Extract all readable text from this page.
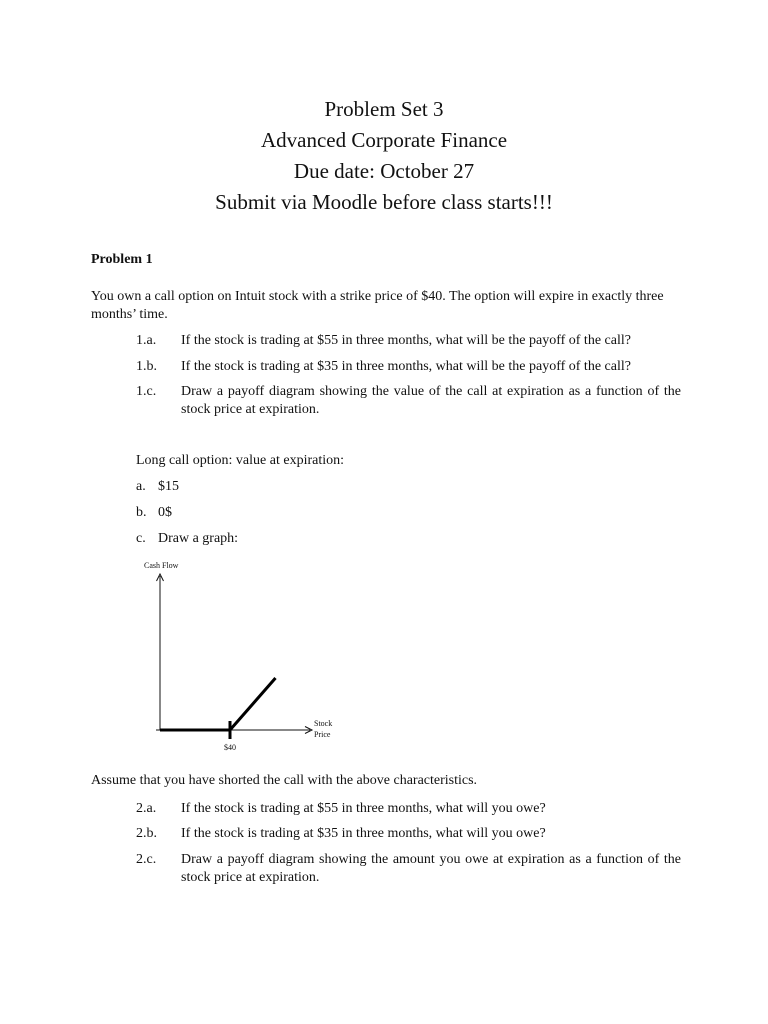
Problem Set 3
Advanced Corporate Finance
Due date: October 27
Submit via Moodle before class starts!!!
Problem 1

You own a call option on Intuit stock with a strike price of $40. The option will expire in exactly three months’ time.

1.a.	If the stock is trading at $55 in three months, what will be the payoff of the call?
1.b.	If the stock is trading at $35 in three months, what will be the payoff of the call?
1.c.	Draw a payoff diagram showing the value of the call at expiration as a function of the stock price at expiration.
Long call option: value at expiration:
a. $15
b. 0$
c. Draw a graph:
Cash Flow
Stock
Price
$40
Assume that you have shorted the call with the above characteristics.
2.a.	If the stock is trading at $55 in three months, what will you owe?
2.b.	If the stock is trading at $35 in three months, what will you owe?
2.c.	Draw a payoff diagram showing the amount you owe at expiration as a function of the stock price at expiration.
